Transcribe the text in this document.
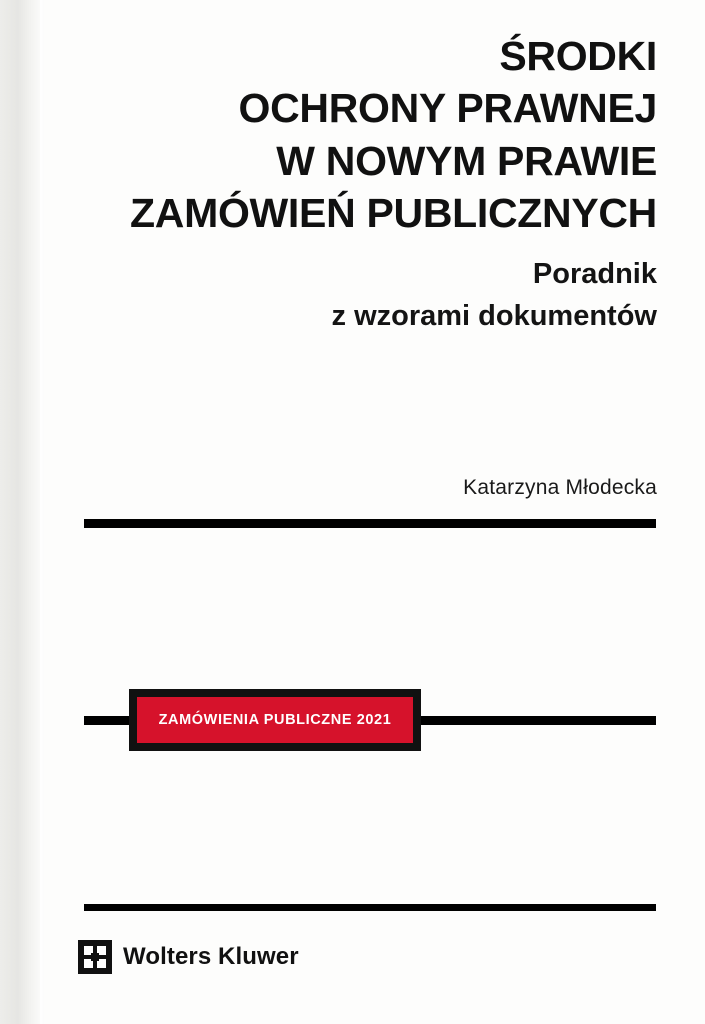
ŚRODKI
OCHRONY PRAWNEJ
W NOWYM PRAWIE
ZAMÓWIEŃ PUBLICZNYCH
Poradnik
z wzorami dokumentów
Katarzyna Młodecka
ZAMÓWIENIA PUBLICZNE 2021
Wolters Kluwer
